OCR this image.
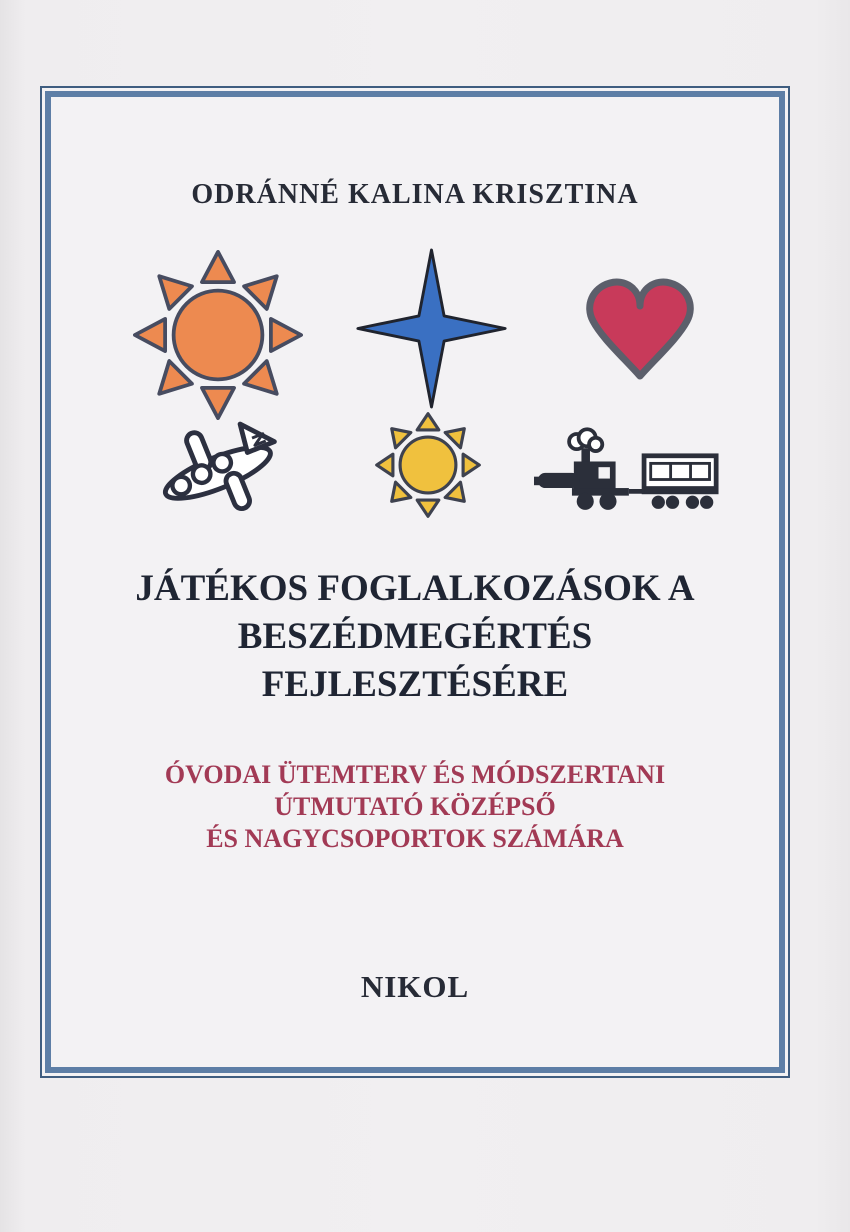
ODRÁNNÉ KALINA KRISZTINA
JÁTÉKOS FOGLALKOZÁSOK A
BESZÉDMEGÉRTÉS
FEJLESZTÉSÉRE
ÓVODAI ÜTEMTERV ÉS MÓDSZERTANI
ÚTMUTATÓ KÖZÉPSŐ
ÉS NAGYCSOPORTOK SZÁMÁRA
NIKOL
